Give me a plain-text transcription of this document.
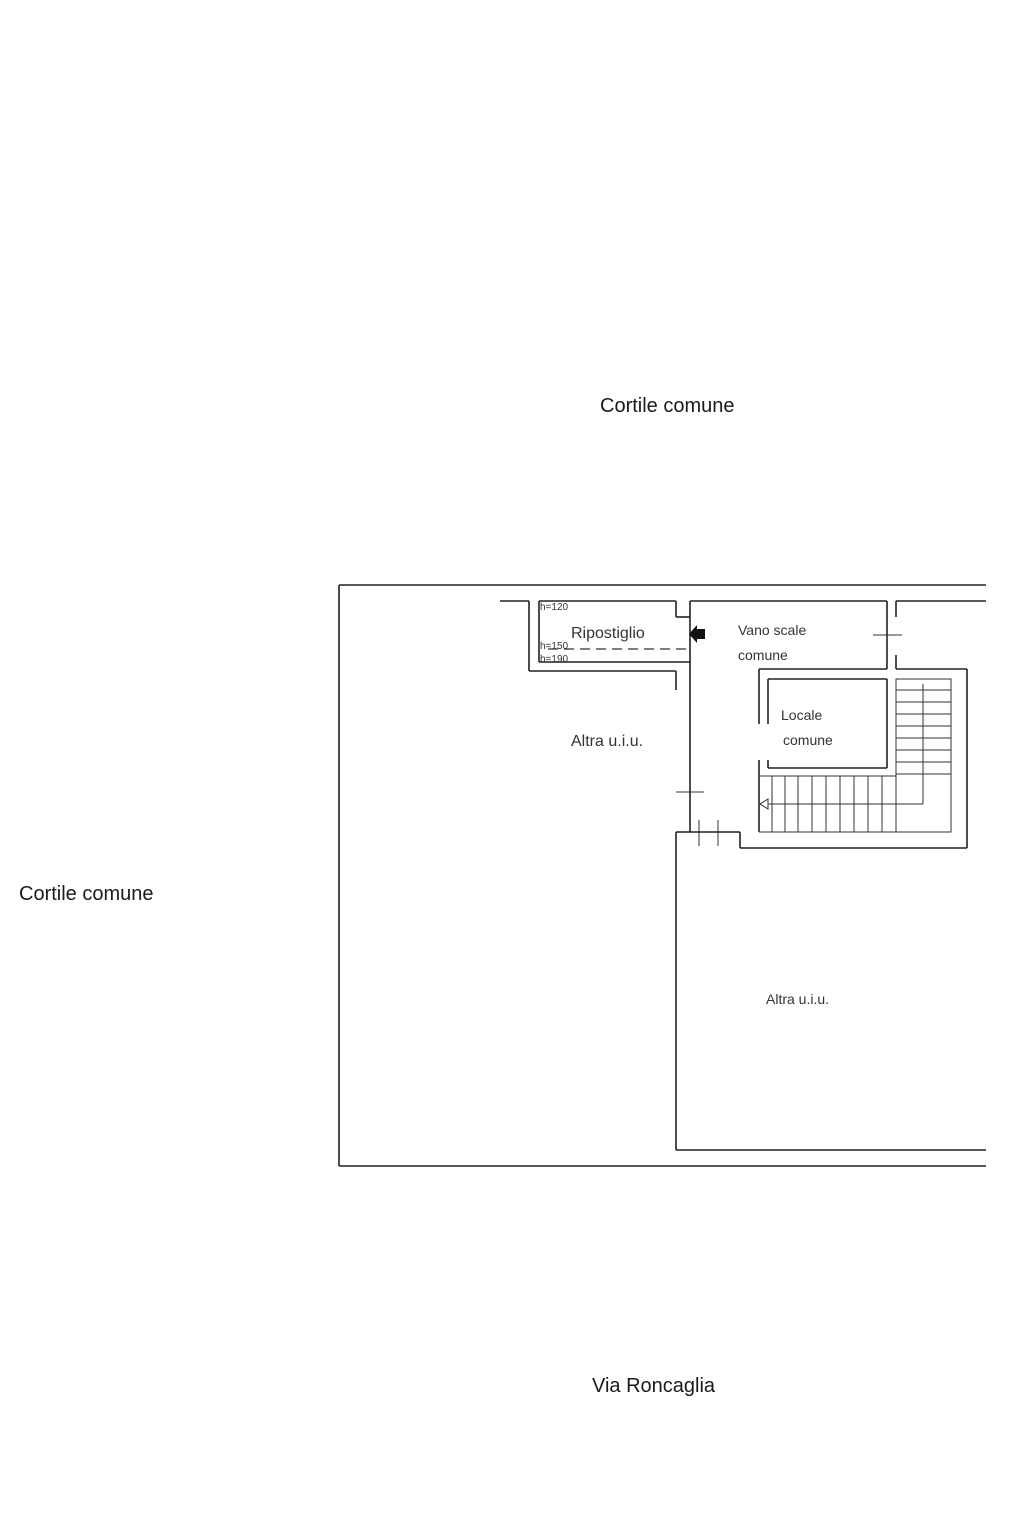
Cortile comune
Cortile comune
Via Roncaglia
Ripostiglio	Vano scale
comune
Locale
comune
Altra u.i.u.
Altra u.i.u.
h=120
h=150
h=190
